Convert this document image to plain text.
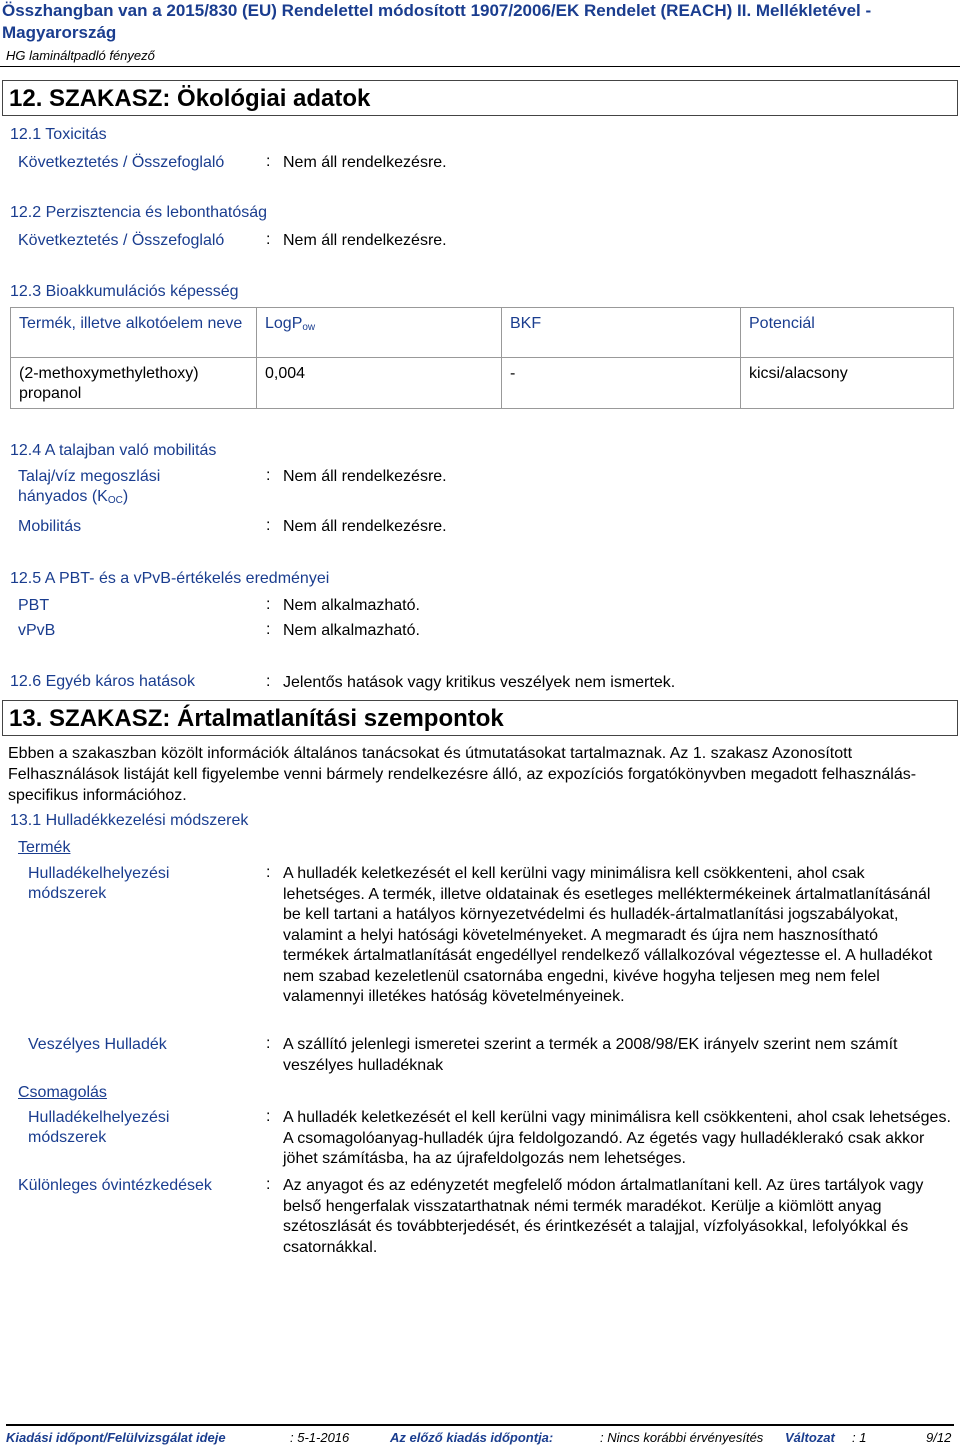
Összhangban van a 2015/830 (EU) Rendelettel módosított 1907/2006/EK Rendelet (REACH) II. Mellékletével - Magyarország
HG lamináltpadló fényező
12. SZAKASZ: Ökológiai adatok
12.1 Toxicitás
Következtetés / Összefoglaló	: Nem áll rendelkezésre.
12.2 Perzisztencia és lebonthatóság
Következtetés / Összefoglaló	: Nem áll rendelkezésre.
12.3 Bioakkumulációs képesség
Termék, illetve alkotóelem neve	LogP$_{ow}$	BKF	Potenciál
(2-methoxymethylethoxy) propanol	0,004	-	kicsi/alacsony
12.4 A talajban való mobilitás
Talaj/víz megoszlási hányados $(K_{OC})$
: Nem áll rendelkezésre.
Mobilitás	: Nem áll rendelkezésre.
12.5 A PBT- és a vPvB-értékelés eredményei
PBT	: Nem alkalmazható.
vPvB	: Nem alkalmazható.
12.6 Egyéb káros hatások	: Jelentős hatások vagy kritikus veszélyek nem ismertek.
13. SZAKASZ: Ártalmatlanítási szempontok
Ebben a szakaszban közölt információk általános tanácsokat és útmutatásokat tartalmaznak. Az 1. szakasz Azonosított Felhasználások listáját kell figyelembe venni bármely rendelkezésre álló, az expozíciós forgatókönyvben megadott felhasználás-specifikus információhoz.
13.1 Hulladékkezelési módszerek
Termék
Hulladékelhelyezési módszerek
: A hulladék keletkezését el kell kerülni vagy minimálisra kell csökkenteni, ahol csak lehetséges. A termék, illetve oldatainak és esetleges melléktermékeinek ártalmatlanításánál be kell tartani a hatályos környezetvédelmi és hulladék-ártalmatlanítási jogszabályokat, valamint a helyi hatósági követelményeket. A megmaradt és újra nem hasznosítható termékek ártalmatlanítását engedéllyel rendelkező vállalkozóval végeztesse el. A hulladékot nem szabad kezeletlenül csatornába engedni, kivéve hogyha teljesen meg nem felel valamennyi illetékes hatóság követelményeinek.
Veszélyes Hulladék	: A szállító jelenlegi ismeretei szerint a termék a 2008/98/EK irányelv szerint nem számít veszélyes hulladéknak
Csomagolás
Hulladékelhelyezési módszerek
: A hulladék keletkezését el kell kerülni vagy minimálisra kell csökkenteni, ahol csak lehetséges. A csomagolóanyag-hulladék újra feldolgozandó. Az égetés vagy hulladéklerakó csak akkor jöhet számításba, ha az újrafeldolgozás nem lehetséges.
Különleges óvintézkedések	: Az anyagot és az edényzetét megfelelő módon ártalmatlanítani kell. Az üres tartályok vagy belső hengerfalak visszatarthatnak némi termék maradékot. Kerülje a kiömlött anyag szétoszlását és továbbterjedését, és érintkezését a talajjal, vízfolyásokkal, lefolyókkal és csatornákkal.
Kiadási időpont/Felülvizsgálat ideje	: 5-1-2016	Az előző kiadás időpontja:	: Nincs korábbi érvényesítés Változat : 1	9/12
